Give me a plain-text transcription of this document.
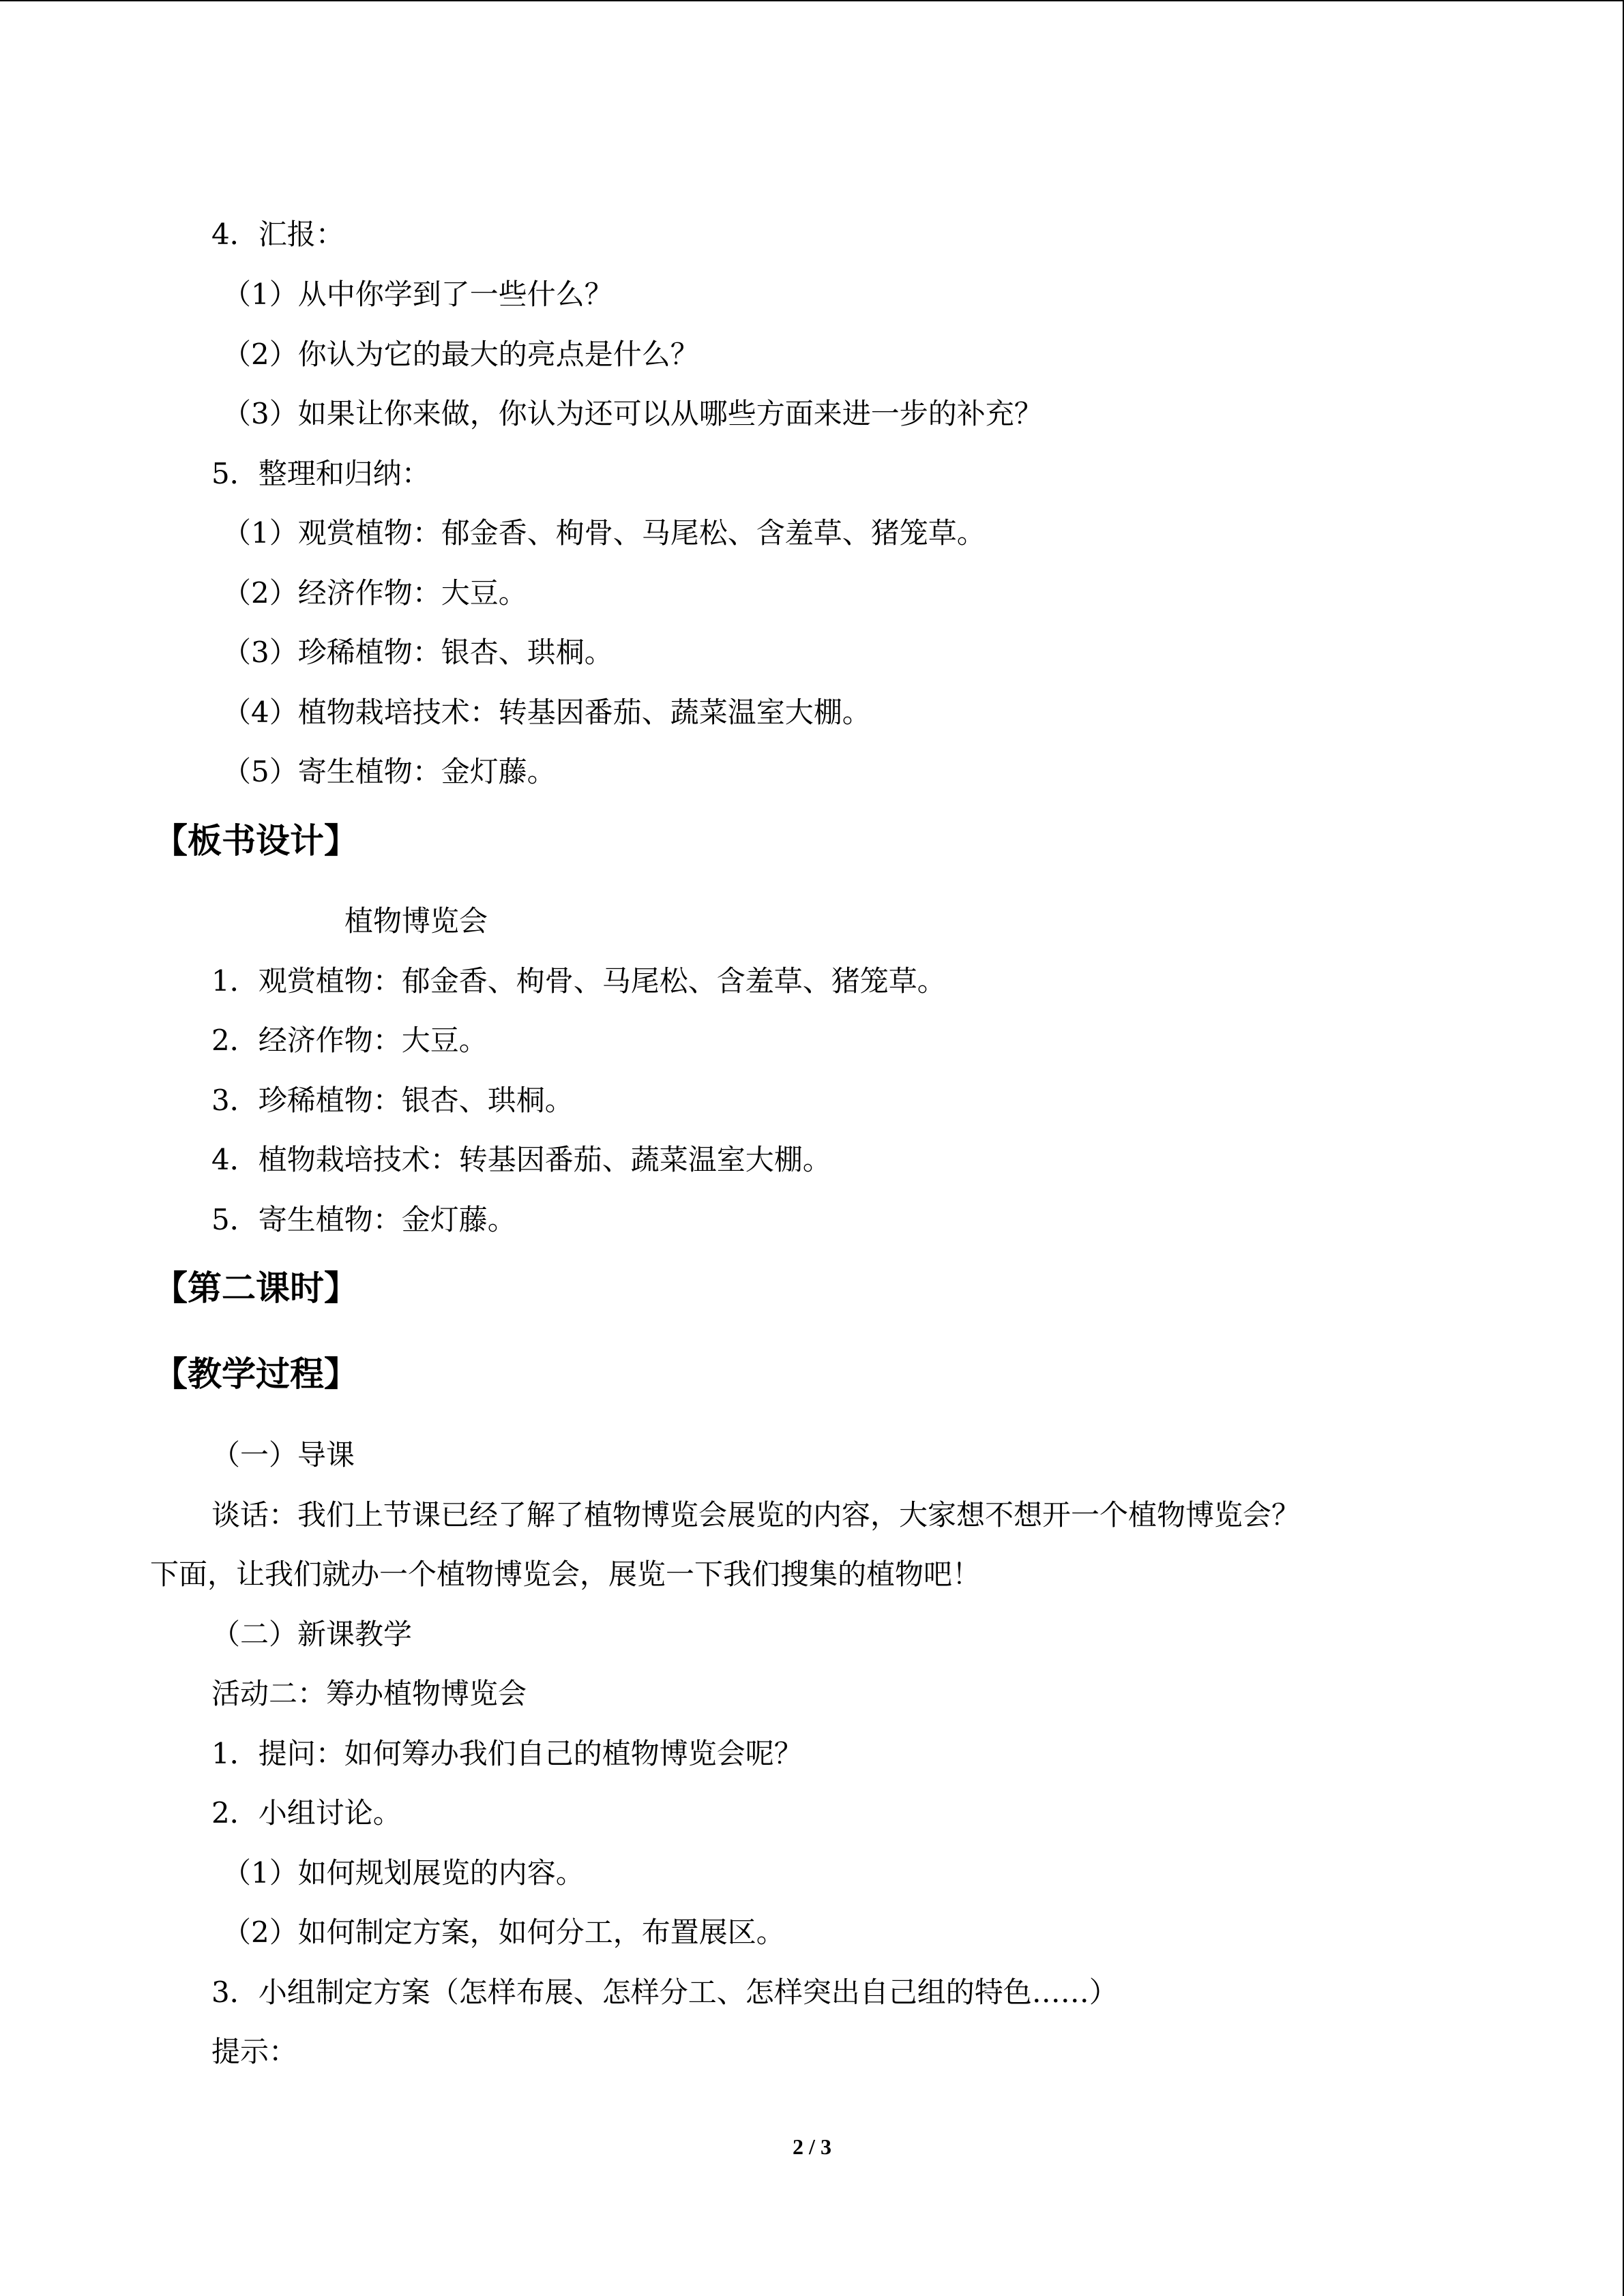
4．汇报：
（1）从中你学到了一些什么？
（2）你认为它的最大的亮点是什么？
（3）如果让你来做，你认为还可以从哪些方面来进一步的补充？
5．整理和归纳：
（1）观赏植物：郁金香、枸骨、马尾松、含羞草、猪笼草。
（2）经济作物：大豆。
（3）珍稀植物：银杏、珙桐。
（4）植物栽培技术：转基因番茄、蔬菜温室大棚。
（5）寄生植物：金灯藤。
【板书设计】
植物博览会
1．观赏植物：郁金香、枸骨、马尾松、含羞草、猪笼草。
2．经济作物：大豆。
3．珍稀植物：银杏、珙桐。
4．植物栽培技术：转基因番茄、蔬菜温室大棚。
5．寄生植物：金灯藤。
【第二课时】
【教学过程】
（一）导课
谈话：我们上节课已经了解了植物博览会展览的内容，大家想不想开一个植物博览会？
下面，让我们就办一个植物博览会，展览一下我们搜集的植物吧！
（二）新课教学
活动二：筹办植物博览会
1．提问：如何筹办我们自己的植物博览会呢？
2．小组讨论。
（1）如何规划展览的内容。
（2）如何制定方案，如何分工，布置展区。
3．小组制定方案（怎样布展、怎样分工、怎样突出自己组的特色……）
提示：
2 / 3
